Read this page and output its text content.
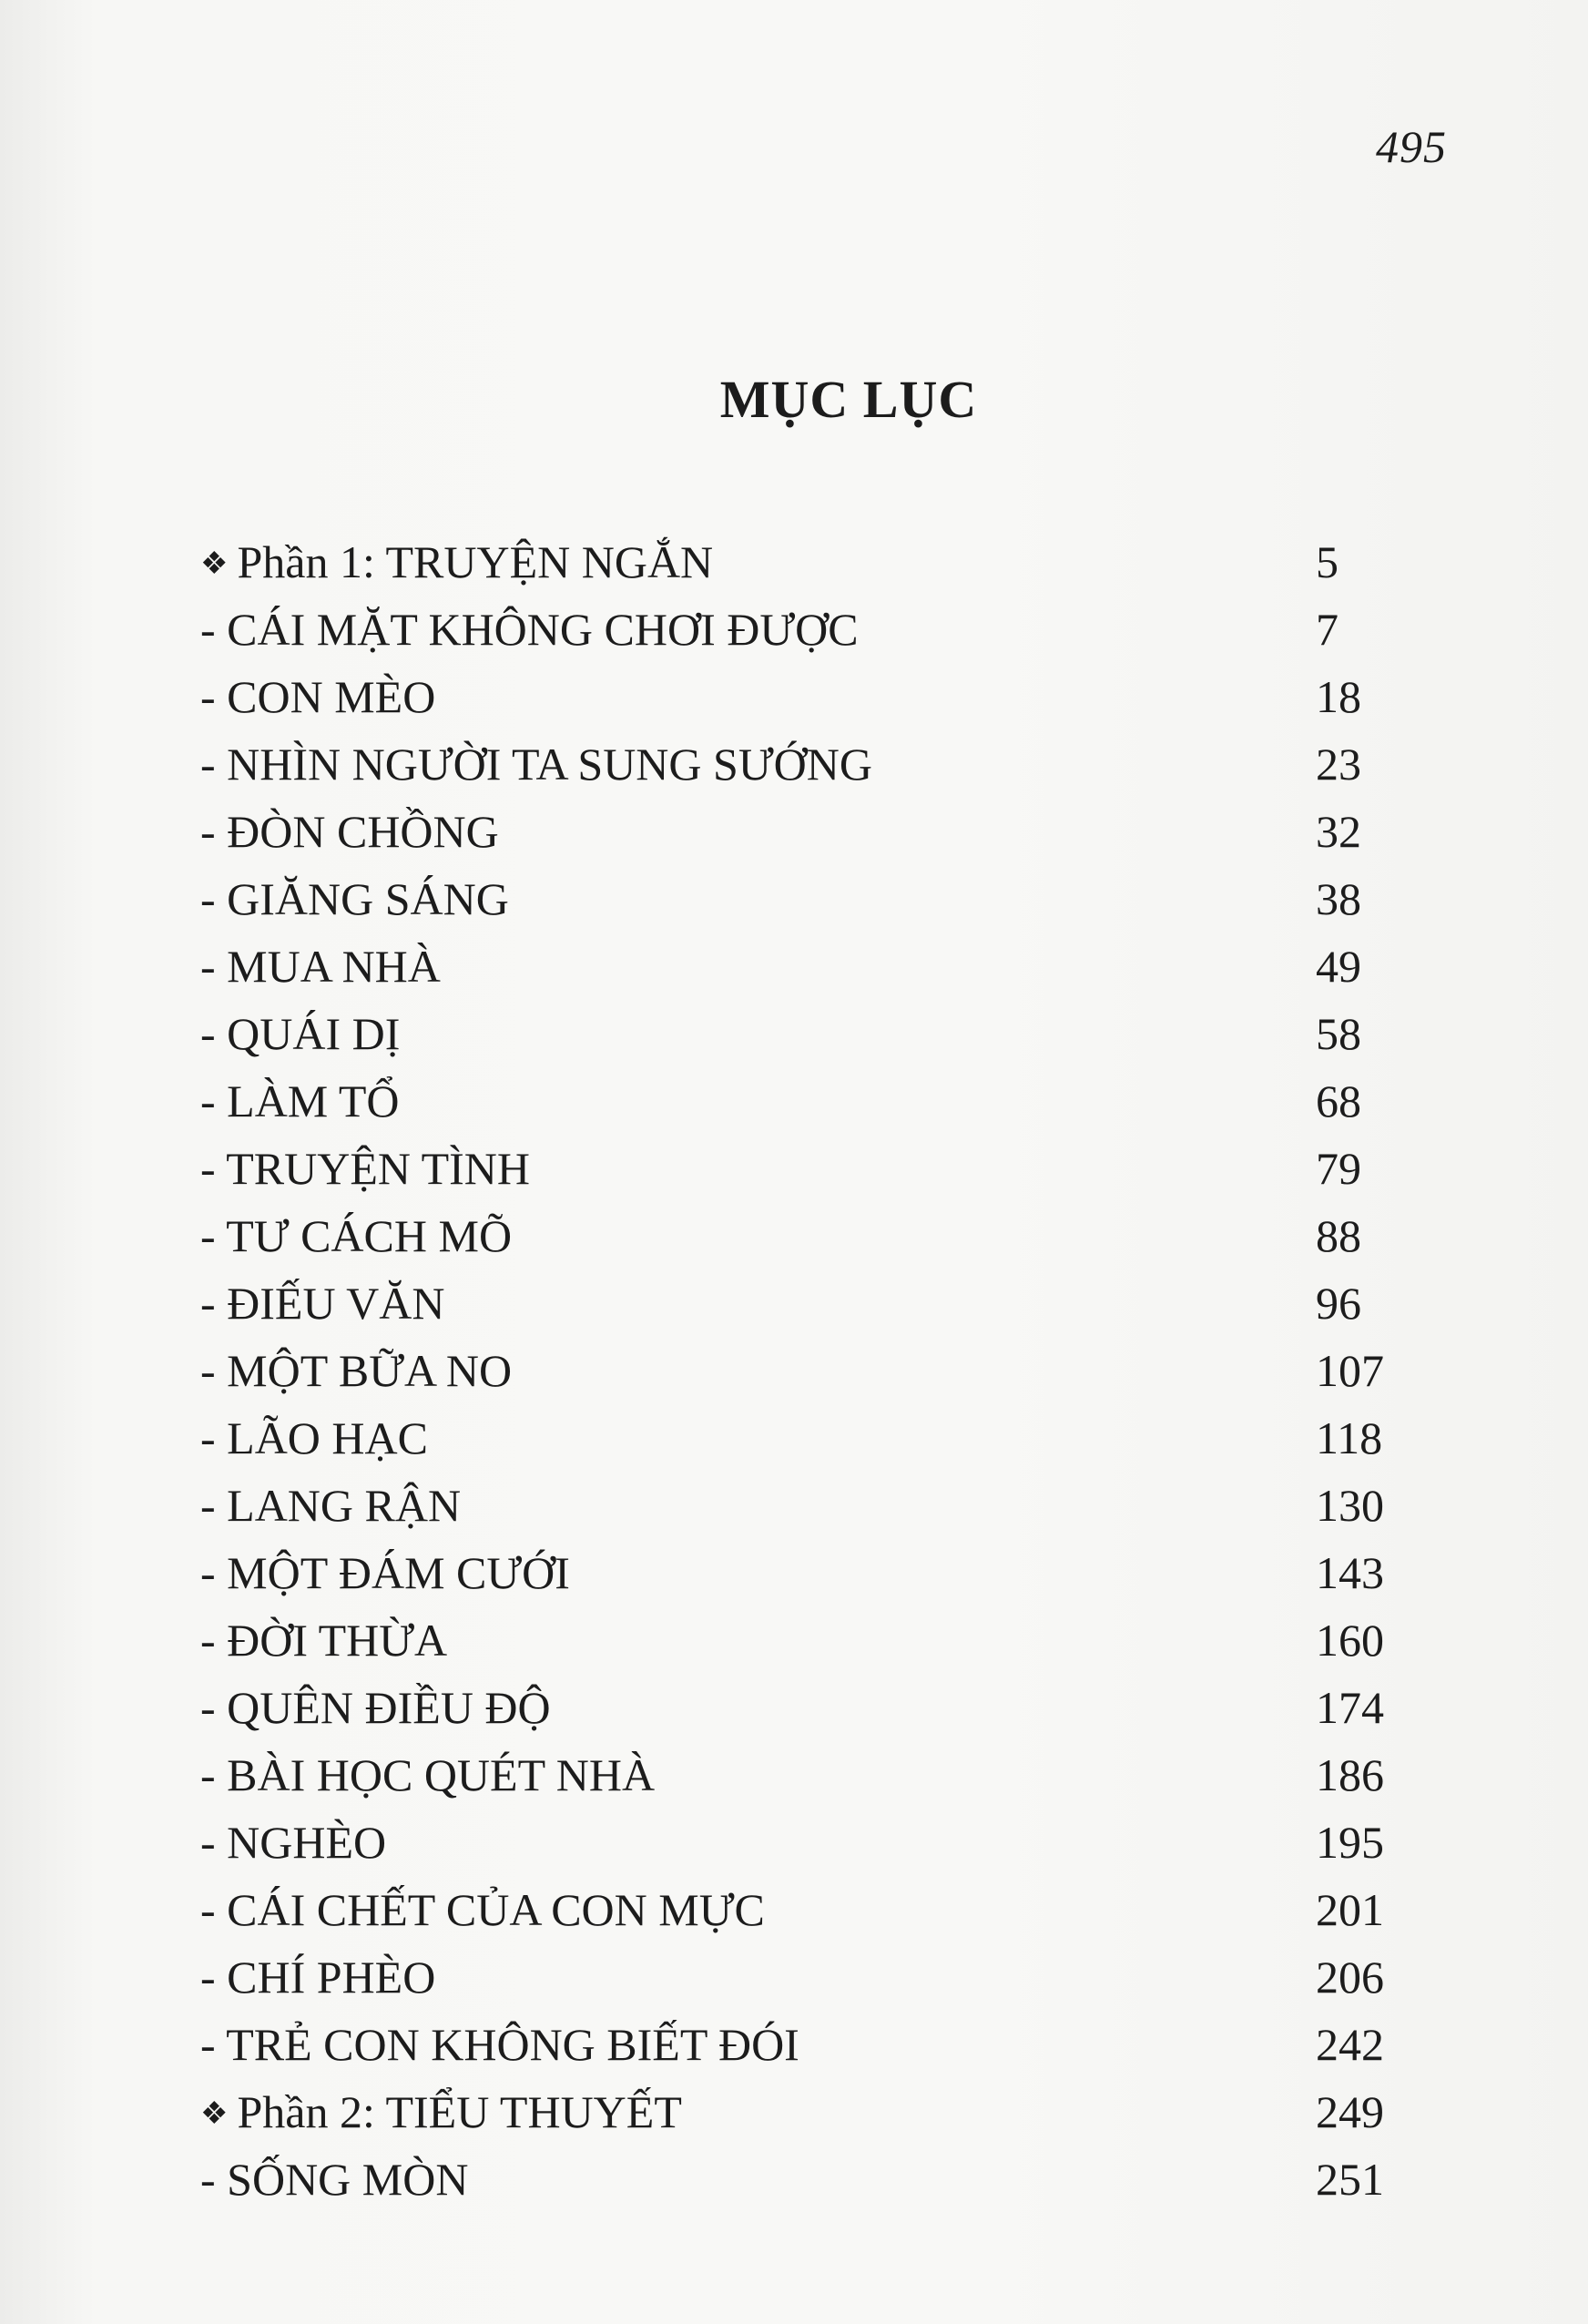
495
MỤC LỤC
❖ Phần 1: TRUYỆN NGẮN	5
- CÁI MẶT KHÔNG CHƠI ĐƯỢC	7
- CON MÈO	18
- NHÌN NGƯỜI TA SUNG SƯỚNG	23
- ĐÒN CHỒNG	32
- GIĂNG SÁNG	38
- MUA NHÀ	49
- QUÁI DỊ	58
- LÀM TỔ	68
- TRUYỆN TÌNH	79
- TƯ CÁCH MÕ	88
- ĐIẾU VĂN	96
- MỘT BỮA NO	107
- LÃO HẠC	118
- LANG RẬN	130
- MỘT ĐÁM CƯỚI	143
- ĐỜI THỪA	160
- QUÊN ĐIỀU ĐỘ	174
- BÀI HỌC QUÉT NHÀ	186
- NGHÈO	195
- CÁI CHẾT CỦA CON MỰC	201
- CHÍ PHÈO	206
- TRẺ CON KHÔNG BIẾT ĐÓI	242
❖ Phần 2: TIỂU THUYẾT	249
- SỐNG MÒN	251
